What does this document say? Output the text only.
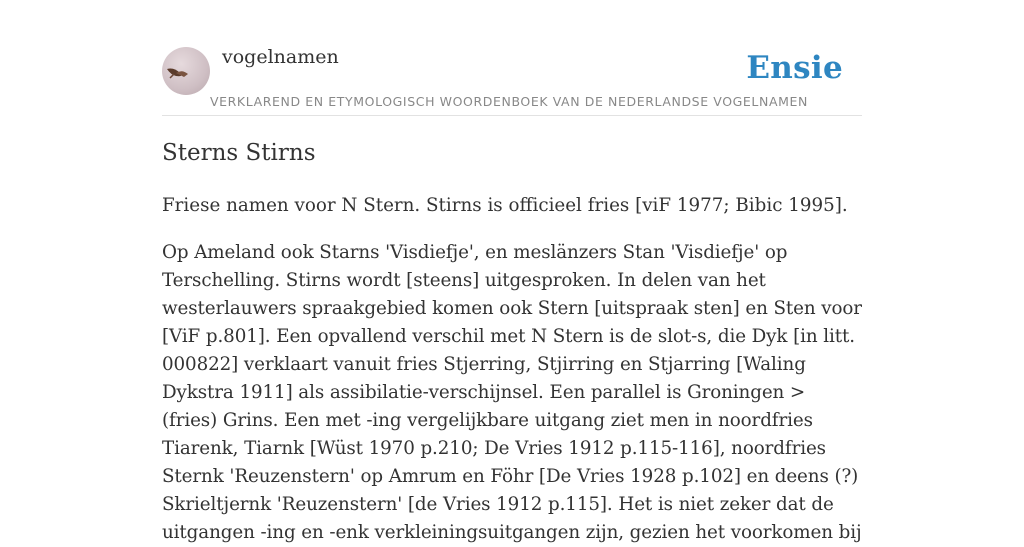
vogelnamen	Ensie
VERKLAREND EN ETYMOLOGISCH WOORDENBOEK VAN DE NEDERLANDSE VOGELNAMEN
Sterns Stirns

Friese namen voor N Stern. Stirns is officieel fries [viF 1977; Bibic 1995].

Op Ameland ook Starns 'Visdiefje', en meslänzers Stan 'Visdiefje' op Terschelling. Stirns wordt [steens] uitgesproken. In delen van het westerlauwers spraakgebied komen ook Stern [uitspraak sten] en Sten voor [ViF p.801]. Een opvallend verschil met N Stern is de slot-s, die Dyk [in litt. 000822] verklaart vanuit fries Stjerring, Stjirring en Stjarring [Waling Dykstra 1911] als assibilatie-verschijnsel. Een parallel is Groningen > (fries) Grins. Een met -ing vergelijkbare uitgang ziet men in noordfries Tiarenk, Tiarnk [Wüst 1970 p.210; De Vries 1912 p.115-116], noordfries Sternk 'Reuzenstern' op Amrum en Föhr [De Vries 1928 p.102] en deens (?) Skrieltjernk 'Reuzenstern' [de Vries 1912 p.115]. Het is niet zeker dat de uitgangen -ing en -enk verkleiningsuitgangen zijn, gezien het voorkomen bij
